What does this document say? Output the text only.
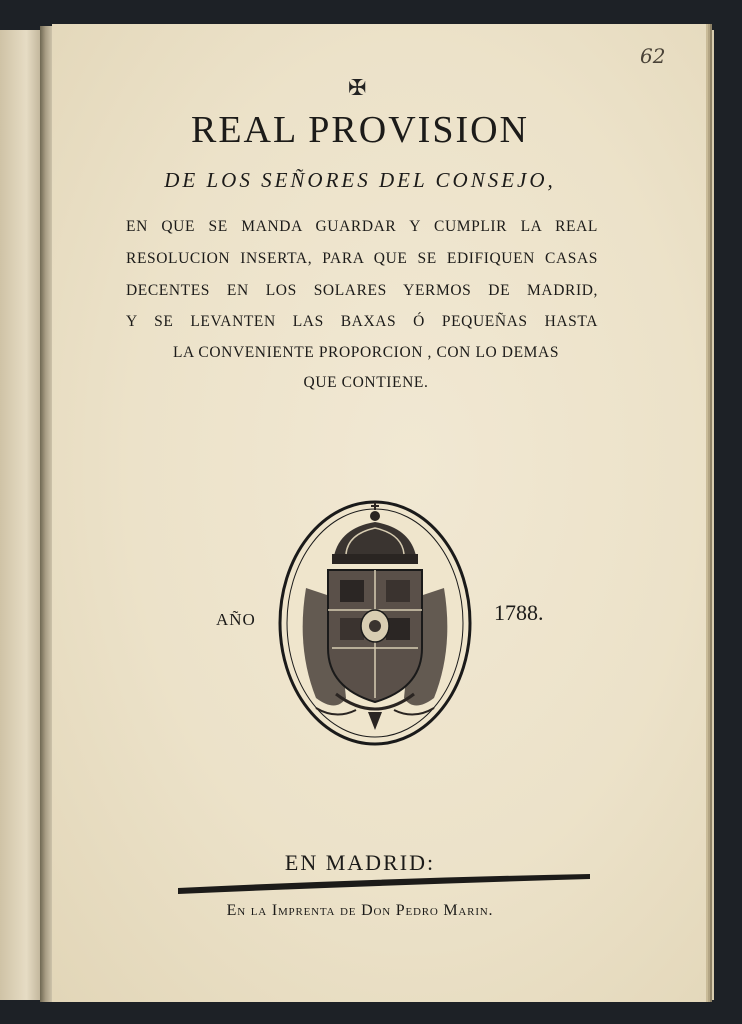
62
✠
REAL PROVISION
DE LOS SEÑORES DEL CONSEJO,
EN QUE SE MANDA GUARDAR Y CUMPLIR LA REAL
RESOLUCION INSERTA, PARA QUE SE EDIFIQUEN CASAS
DECENTES EN LOS SOLARES YERMOS DE MADRID,
Y SE LEVANTEN LAS BAXAS Ó PEQUEÑAS HASTA
LA CONVENIENTE PROPORCION , CON LO DEMAS
QUE CONTIENE.
AÑO	1788.
EN MADRID:
En la Imprenta de Don Pedro Marin.
